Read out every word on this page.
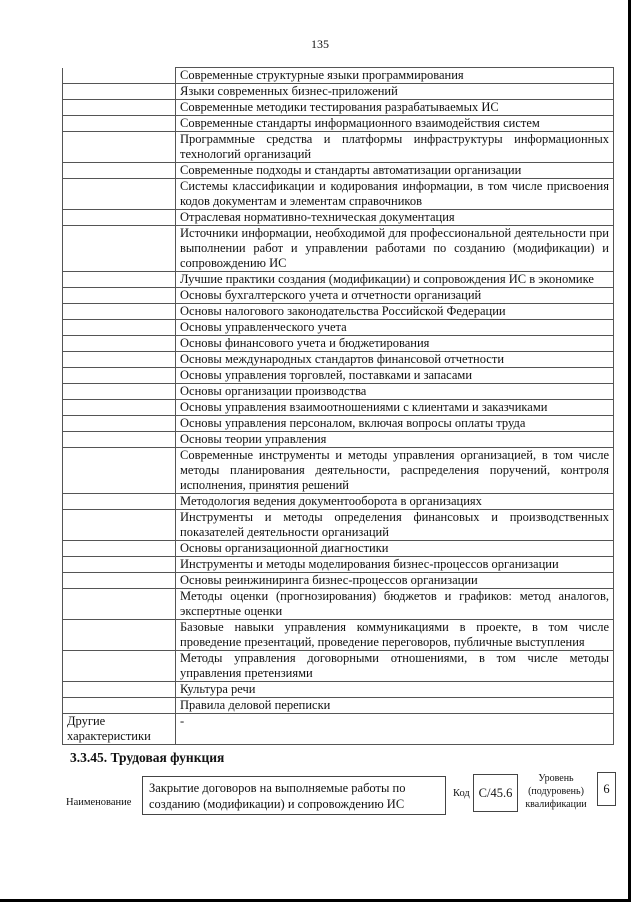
135
	Современные структурные языки программирования
	Языки современных бизнес-приложений
	Современные методики тестирования разрабатываемых ИС
	Современные стандарты информационного взаимодействия систем
	Программные средства и платформы инфраструктуры информационных технологий организаций
	Современные подходы и стандарты автоматизации организации
	Системы классификации и кодирования информации, в том числе присвоения кодов документам и элементам справочников
	Отраслевая нормативно-техническая документация
	Источники информации, необходимой для профессиональной деятельности при выполнении работ и управлении работами по созданию (модификации) и сопровождению ИС
	Лучшие практики создания (модификации) и сопровождения ИС в экономике
	Основы бухгалтерского учета и отчетности организаций
	Основы налогового законодательства Российской Федерации
	Основы управленческого учета
	Основы финансового учета и бюджетирования
	Основы международных стандартов финансовой отчетности
	Основы управления торговлей, поставками и запасами
	Основы организации производства
	Основы управления взаимоотношениями с клиентами и заказчиками
	Основы управления персоналом, включая вопросы оплаты труда
	Основы теории управления
	Современные инструменты и методы управления организацией, в том числе методы планирования деятельности, распределения поручений, контроля исполнения, принятия решений
	Методология ведения документооборота в организациях
	Инструменты и методы определения финансовых и производственных показателей деятельности организаций
	Основы организационной диагностики
	Инструменты и методы моделирования бизнес-процессов организации
	Основы реинжиниринга бизнес-процессов организации
	Методы оценки (прогнозирования) бюджетов и графиков: метод аналогов, экспертные оценки
	Базовые навыки управления коммуникациями в проекте, в том числе проведение презентаций, проведение переговоров, публичные выступления
	Методы управления договорными отношениями, в том числе методы управления претензиями
	Культура речи
	Правила деловой переписки
Другие характеристики	-
3.3.45. Трудовая функция
Наименование
Закрытие договоров на выполняемые работы по созданию (модификации) и сопровождению ИС
Код C/45.6
Уровень (подуровень) квалификации
6
